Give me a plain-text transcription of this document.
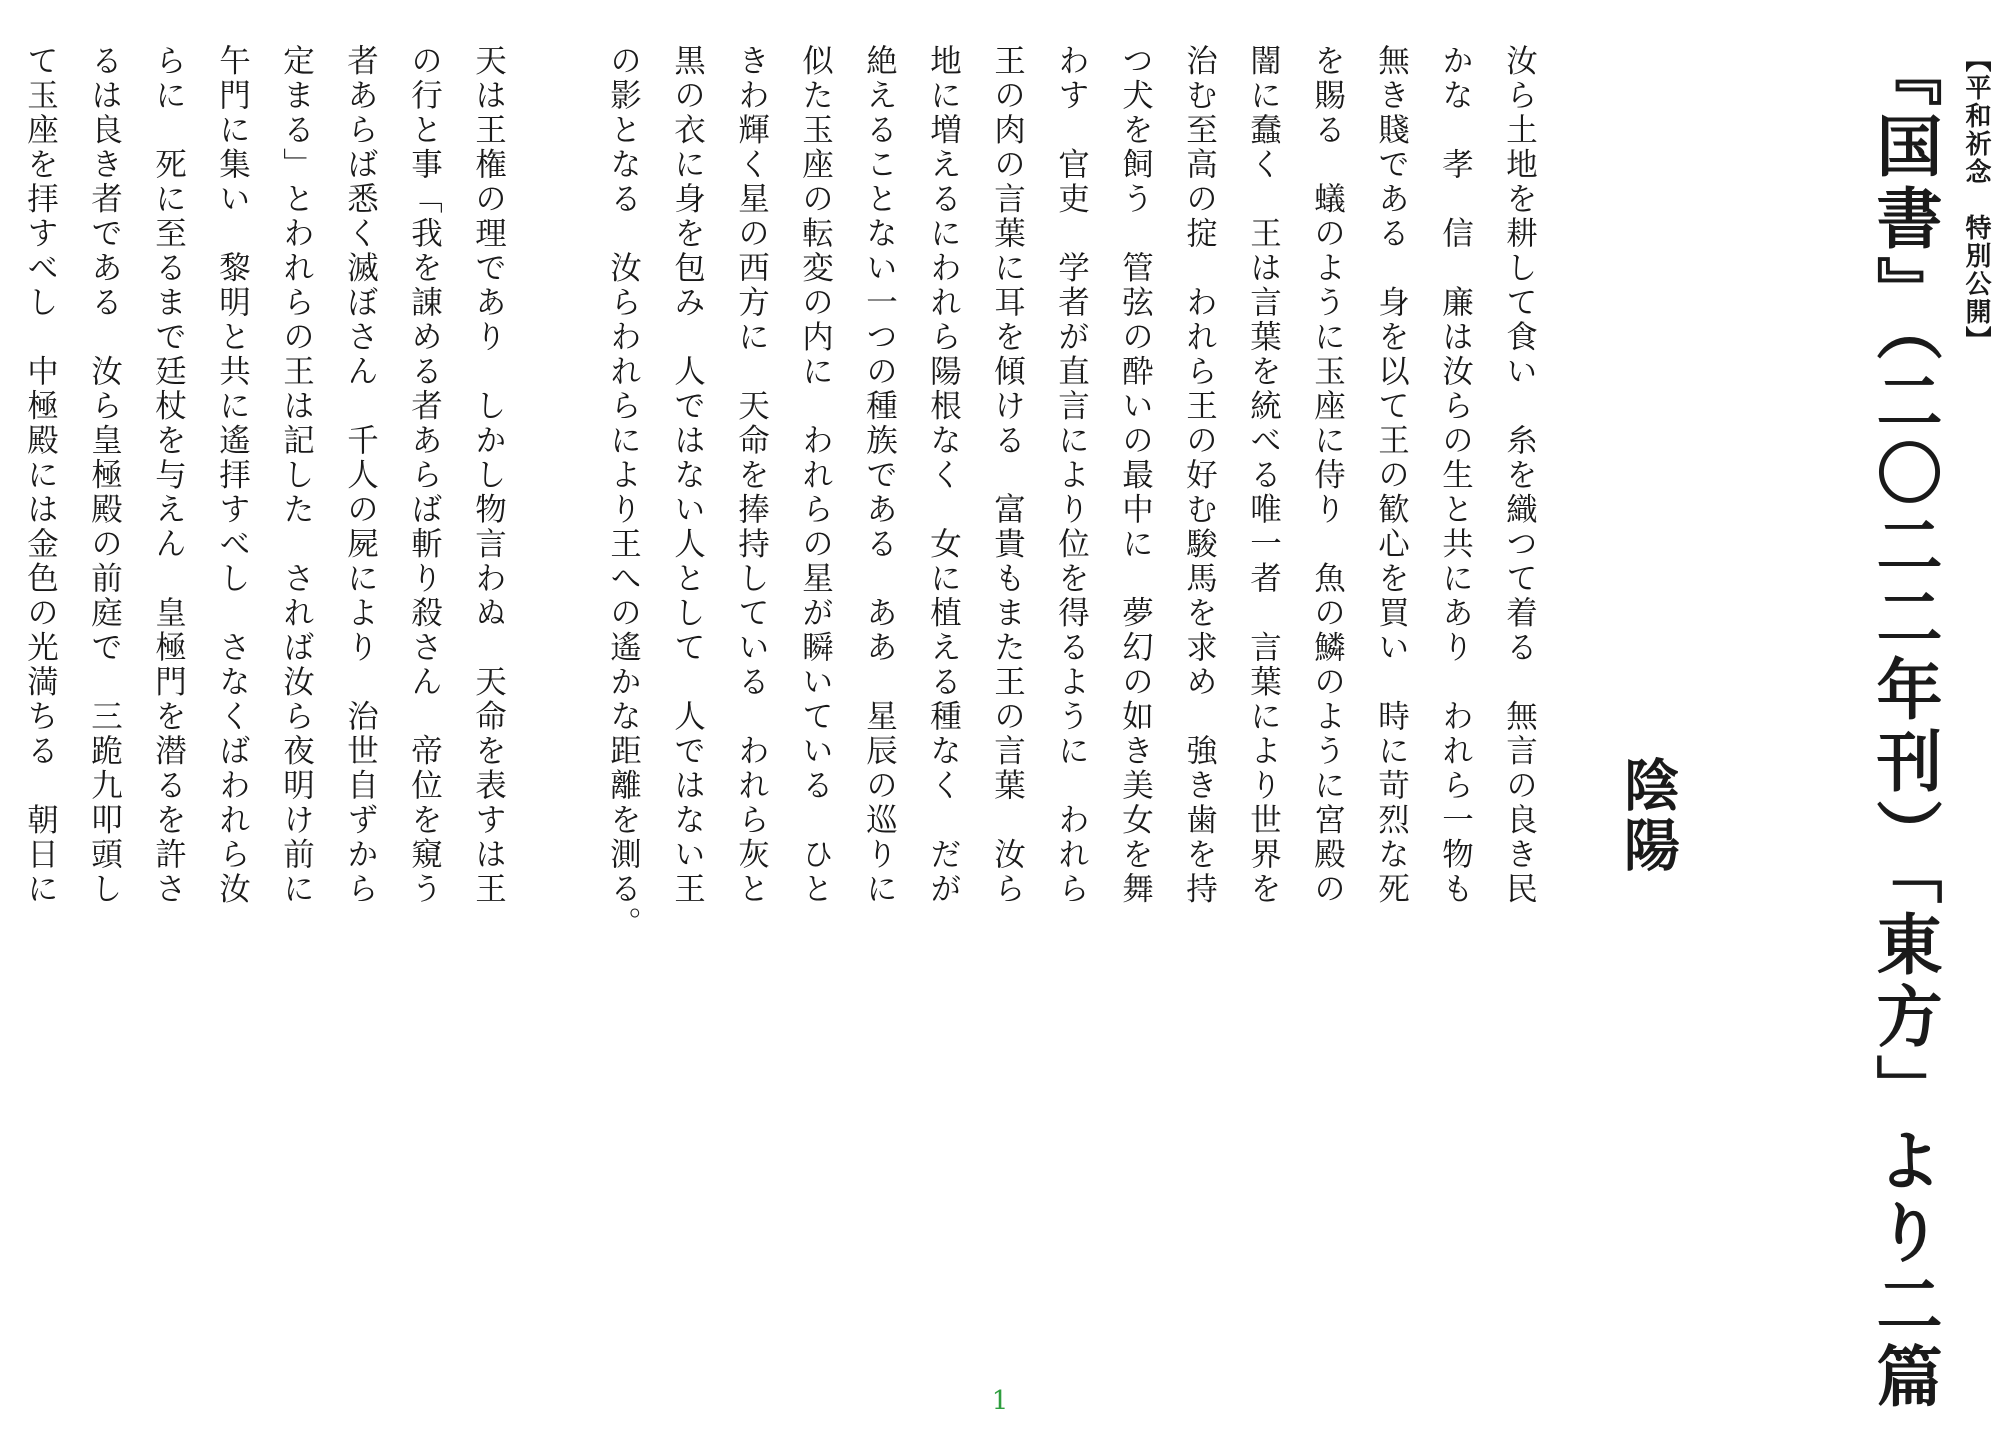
【平和祈念　特別公開】
『国書』（二〇二二年刊）「東方」より二篇
陰陽

汝ら土地を耕して食い　糸を織つて着る　無言の良き民

かな　孝　信　廉は汝らの生と共にあり　われら一物も

無き賤である　身を以て王の歓心を買い　時に苛烈な死

を賜る　蟻のように玉座に侍り　魚の鱗のように宮殿の

闇に蠢く　王は言葉を統べる唯一者　言葉により世界を

治む至高の掟　われら王の好む駿馬を求め　強き歯を持

つ犬を飼う　管弦の酔いの最中に　夢幻の如き美女を舞

わす　官吏　学者が直言により位を得るように　われら

王の肉の言葉に耳を傾ける　富貴もまた王の言葉　汝ら

地に増えるにわれら陽根なく　女に植える種なく　だが

絶えることない一つの種族である　ああ　星辰の巡りに

似た玉座の転変の内に　われらの星が瞬いている　ひと

きわ輝く星の西方に　天命を捧持している　われら灰と

黒の衣に身を包み　人ではない人として　人ではない王

の影となる　汝らわれらにより王への遙かな距離を測る。

天は王権の理であり　しかし物言わぬ　天命を表すは王

の行と事「我を諌める者あらば斬り殺さん　帝位を窺う

者あらば悉く滅ぼさん　千人の屍により　治世自ずから

定まる」とわれらの王は記した　されば汝ら夜明け前に

午門に集い　黎明と共に遙拝すべし　さなくばわれら汝

らに　死に至るまで廷杖を与えん　皇極門を潜るを許さ

るは良き者である　汝ら皇極殿の前庭で　三跪九叩頭し

て玉座を拝すべし　中極殿には金色の光満ちる　朝日に

1
